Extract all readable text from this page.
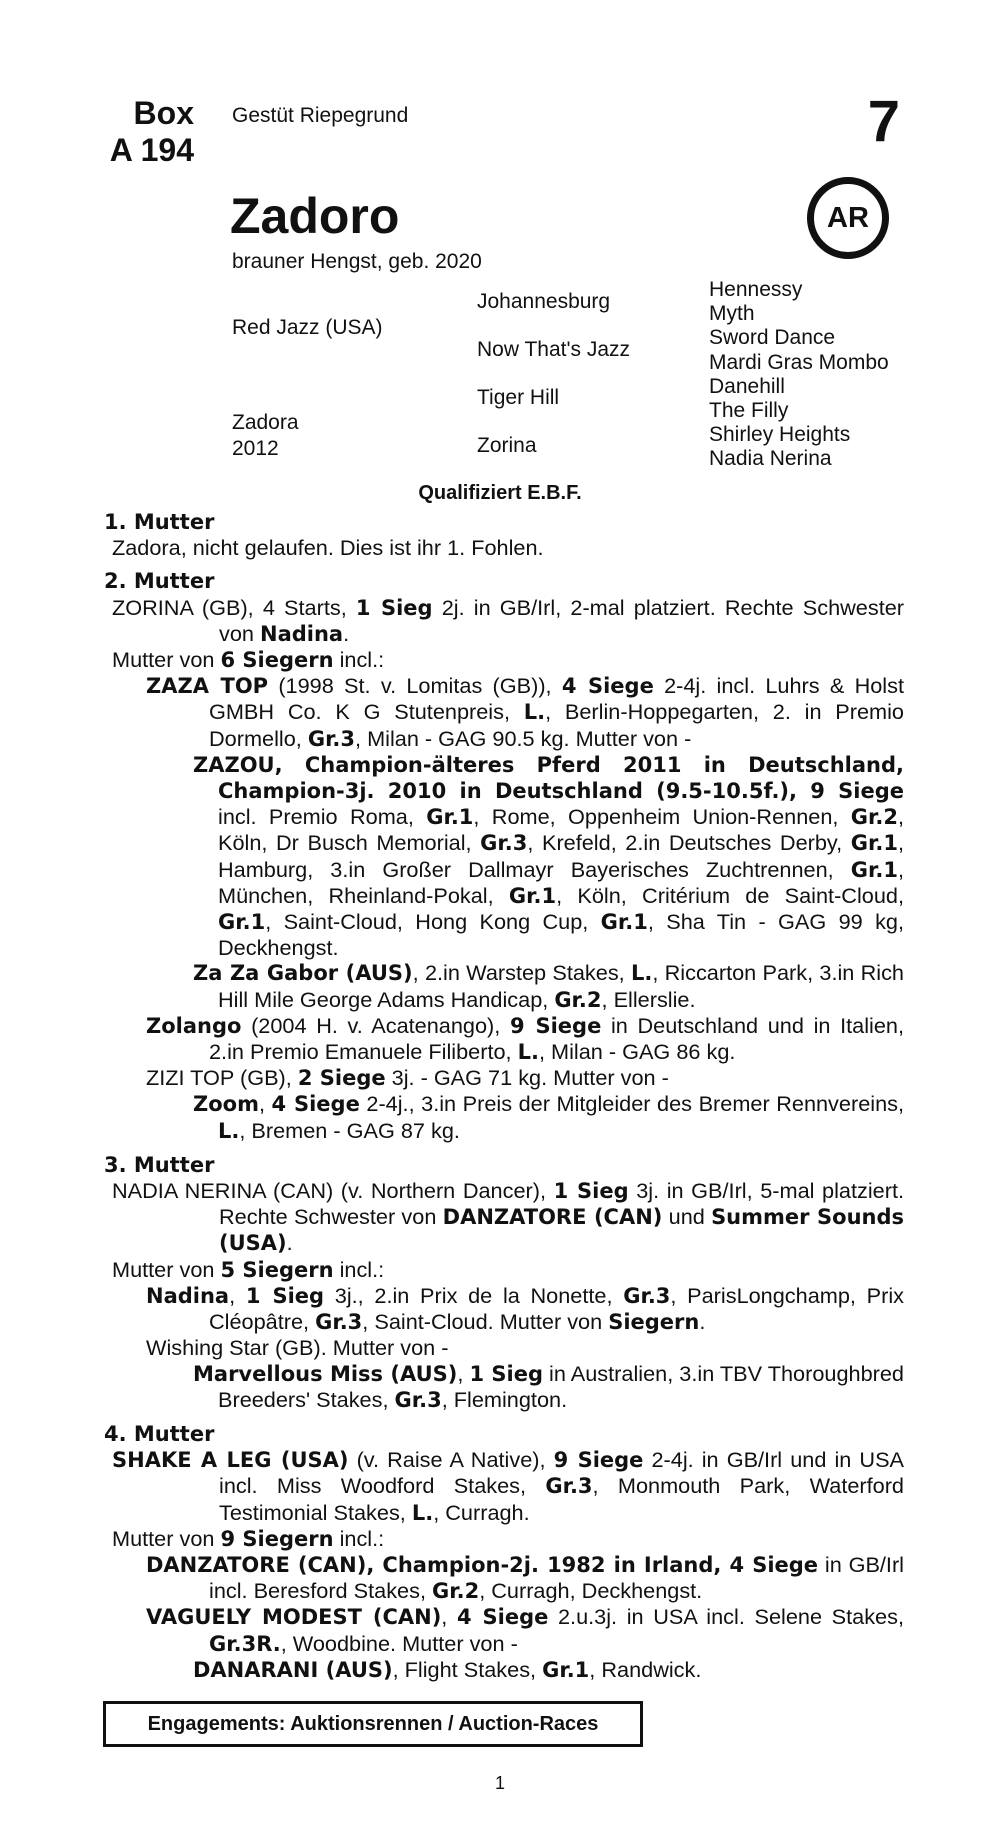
Box
A 194
Gestüt Riepegrund	7
AR
Zadoro
brauner Hengst, geb. 2020
Red Jazz (USA)
Zadora
2012
Johannesburg
Now That's Jazz
Tiger Hill
Zorina
Hennessy
Myth
Sword Dance
Mardi Gras Mombo
Danehill
The Filly
Shirley Heights
Nadia Nerina
Qualifiziert E.B.F.
1. Mutter
Zadora, nicht gelaufen. Dies ist ihr 1. Fohlen.
2. Mutter
ZORINA (GB), 4 Starts, 1 Sieg 2j. in GB/Irl, 2-mal platziert. Rechte Schwester von Nadina.
Mutter von 6 Siegern incl.:
ZAZA TOP (1998 St. v. Lomitas (GB)), 4 Siege 2-4j. incl. Luhrs & Holst GMBH Co. K G Stutenpreis, L., Berlin-Hoppegarten, 2. in Premio Dormello, Gr.3, Milan - GAG 90.5 kg. Mutter von -
ZAZOU, Champion-älteres Pferd 2011 in Deutschland, Champion-3j. 2010 in Deutschland (9.5-10.5f.), 9 Siege incl. Premio Roma, Gr.1, Rome, Oppenheim Union-Rennen, Gr.2, Köln, Dr Busch Memorial, Gr.3, Krefeld, 2.in Deutsches Derby, Gr.1, Hamburg, 3.in Großer Dallmayr Bayerisches Zuchtrennen, Gr.1, München, Rheinland-Pokal, Gr.1, Köln, Critérium de Saint-Cloud, Gr.1, Saint-Cloud, Hong Kong Cup, Gr.1, Sha Tin - GAG 99 kg, Deckhengst.
Za Za Gabor (AUS), 2.in Warstep Stakes, L., Riccarton Park, 3.in Rich Hill Mile George Adams Handicap, Gr.2, Ellerslie.
Zolango (2004 H. v. Acatenango), 9 Siege in Deutschland und in Italien, 2.in Premio Emanuele Filiberto, L., Milan - GAG 86 kg.
ZIZI TOP (GB), 2 Siege 3j. - GAG 71 kg. Mutter von -
Zoom, 4 Siege 2-4j., 3.in Preis der Mitgleider des Bremer Rennvereins, L., Bremen - GAG 87 kg.
3. Mutter
NADIA NERINA (CAN) (v. Northern Dancer), 1 Sieg 3j. in GB/Irl, 5-mal platziert. Rechte Schwester von DANZATORE (CAN) und Summer Sounds (USA).
Mutter von 5 Siegern incl.:
Nadina, 1 Sieg 3j., 2.in Prix de la Nonette, Gr.3, ParisLongchamp, Prix Cléopâtre, Gr.3, Saint-Cloud. Mutter von Siegern.
Wishing Star (GB). Mutter von -
Marvellous Miss (AUS), 1 Sieg in Australien, 3.in TBV Thoroughbred Breeders' Stakes, Gr.3, Flemington.
4. Mutter
SHAKE A LEG (USA) (v. Raise A Native), 9 Siege 2-4j. in GB/Irl und in USA incl. Miss Woodford Stakes, Gr.3, Monmouth Park, Waterford Testimonial Stakes, L., Curragh.
Mutter von 9 Siegern incl.:
DANZATORE (CAN), Champion-2j. 1982 in Irland, 4 Siege in GB/Irl incl. Beresford Stakes, Gr.2, Curragh, Deckhengst.
VAGUELY MODEST (CAN), 4 Siege 2.u.3j. in USA incl. Selene Stakes, Gr.3R., Woodbine. Mutter von -
DANARANI (AUS), Flight Stakes, Gr.1, Randwick.
Engagements: Auktionsrennen / Auction-Races
1
